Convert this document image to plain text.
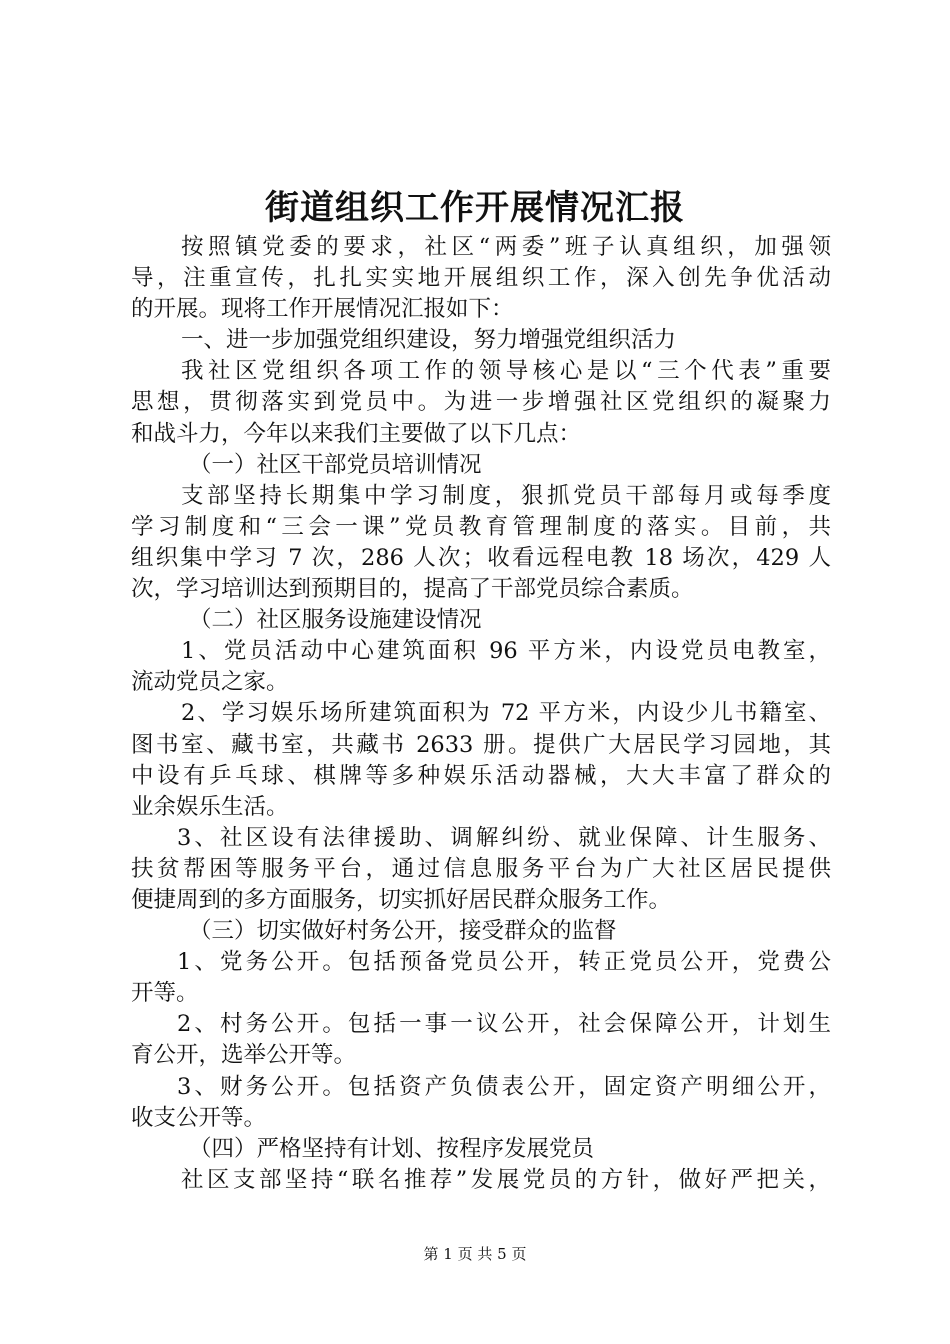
街道组织工作开展情况汇报
按照镇党委的要求，社区“两委”班子认真组织，加强领
导，注重宣传，扎扎实实地开展组织工作，深入创先争优活动
的开展。现将工作开展情况汇报如下：
一、进一步加强党组织建设，努力增强党组织活力
我社区党组织各项工作的领导核心是以“三个代表”重要
思想，贯彻落实到党员中。为进一步增强社区党组织的凝聚力
和战斗力，今年以来我们主要做了以下几点：
（一）社区干部党员培训情况
支部坚持长期集中学习制度，狠抓党员干部每月或每季度
学习制度和“三会一课”党员教育管理制度的落实。目前，共
组织集中学习 7 次，286 人次；收看远程电教 18 场次，429 人
次，学习培训达到预期目的，提高了干部党员综合素质。
（二）社区服务设施建设情况
1、党员活动中心建筑面积 96 平方米，内设党员电教室，
流动党员之家。
2、学习娱乐场所建筑面积为 72 平方米，内设少儿书籍室、
图书室、藏书室，共藏书 2633 册。提供广大居民学习园地，其
中设有乒乓球、棋牌等多种娱乐活动器械，大大丰富了群众的
业余娱乐生活。
3、社区设有法律援助、调解纠纷、就业保障、计生服务、
扶贫帮困等服务平台，通过信息服务平台为广大社区居民提供
便捷周到的多方面服务，切实抓好居民群众服务工作。
（三）切实做好村务公开，接受群众的监督
1、党务公开。包括预备党员公开，转正党员公开，党费公
开等。
2、村务公开。包括一事一议公开，社会保障公开，计划生
育公开，选举公开等。
3、财务公开。包括资产负债表公开，固定资产明细公开，
收支公开等。
（四）严格坚持有计划、按程序发展党员
社区支部坚持“联名推荐”发展党员的方针，做好严把关，
第 1 页 共 5 页
